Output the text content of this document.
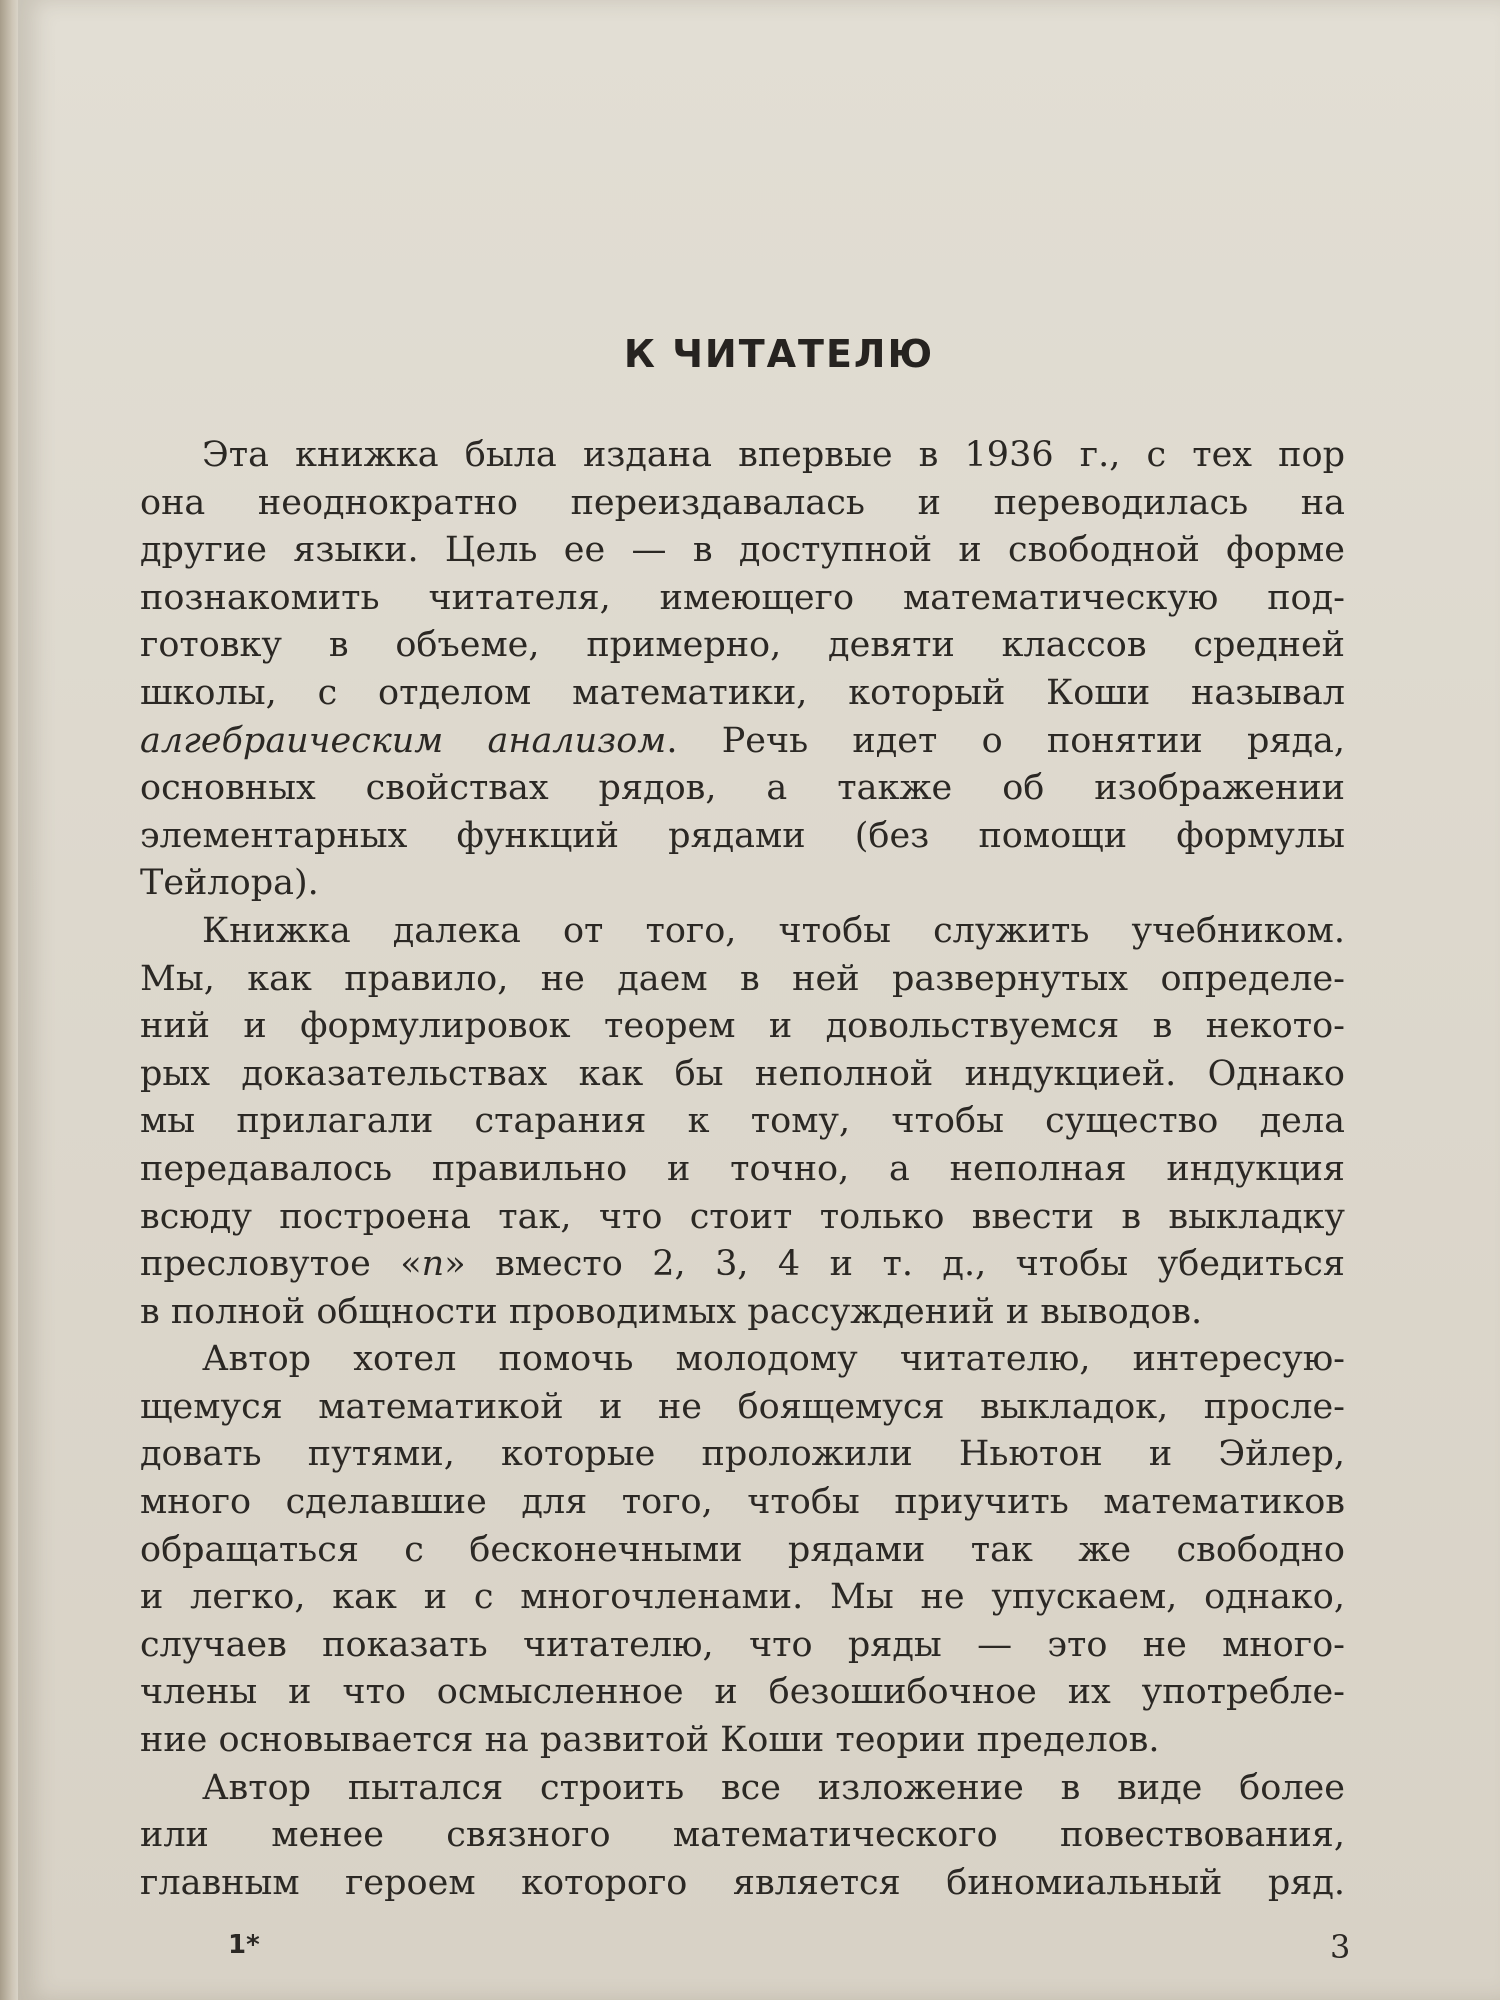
К ЧИТАТЕЛЮ
Эта книжка была издана впервые в 1936 г., с тех пор
она неоднократно переиздавалась и переводилась на
другие языки. Цель ее — в доступной и свободной форме
познакомить читателя, имеющего математическую под-
готовку в объеме, примерно, девяти классов средней
школы, с отделом математики, который Коши называл
алгебраическим анализом. Речь идет о понятии ряда,
основных свойствах рядов, а также об изображении
элементарных функций рядами (без помощи формулы
Тейлора).
Книжка далека от того, чтобы служить учебником.
Мы, как правило, не даем в ней развернутых определе-
ний и формулировок теорем и довольствуемся в некото-
рых доказательствах как бы неполной индукцией. Однако
мы прилагали старания к тому, чтобы существо дела
передавалось правильно и точно, а неполная индукция
всюду построена так, что стоит только ввести в выкладку
пресловутое «n» вместо 2, 3, 4 и т. д., чтобы убедиться
в полной общности проводимых рассуждений и выводов.
Автор хотел помочь молодому читателю, интересую-
щемуся математикой и не боящемуся выкладок, просле-
довать путями, которые проложили Ньютон и Эйлер,
много сделавшие для того, чтобы приучить математиков
обращаться с бесконечными рядами так же свободно
и легко, как и с многочленами. Мы не упускаем, однако,
случаев показать читателю, что ряды — это не много-
члены и что осмысленное и безошибочное их употребле-
ние основывается на развитой Коши теории пределов.
Автор пытался строить все изложение в виде более
или менее связного математического повествования,
главным героем которого является биномиальный ряд.
1*	3
